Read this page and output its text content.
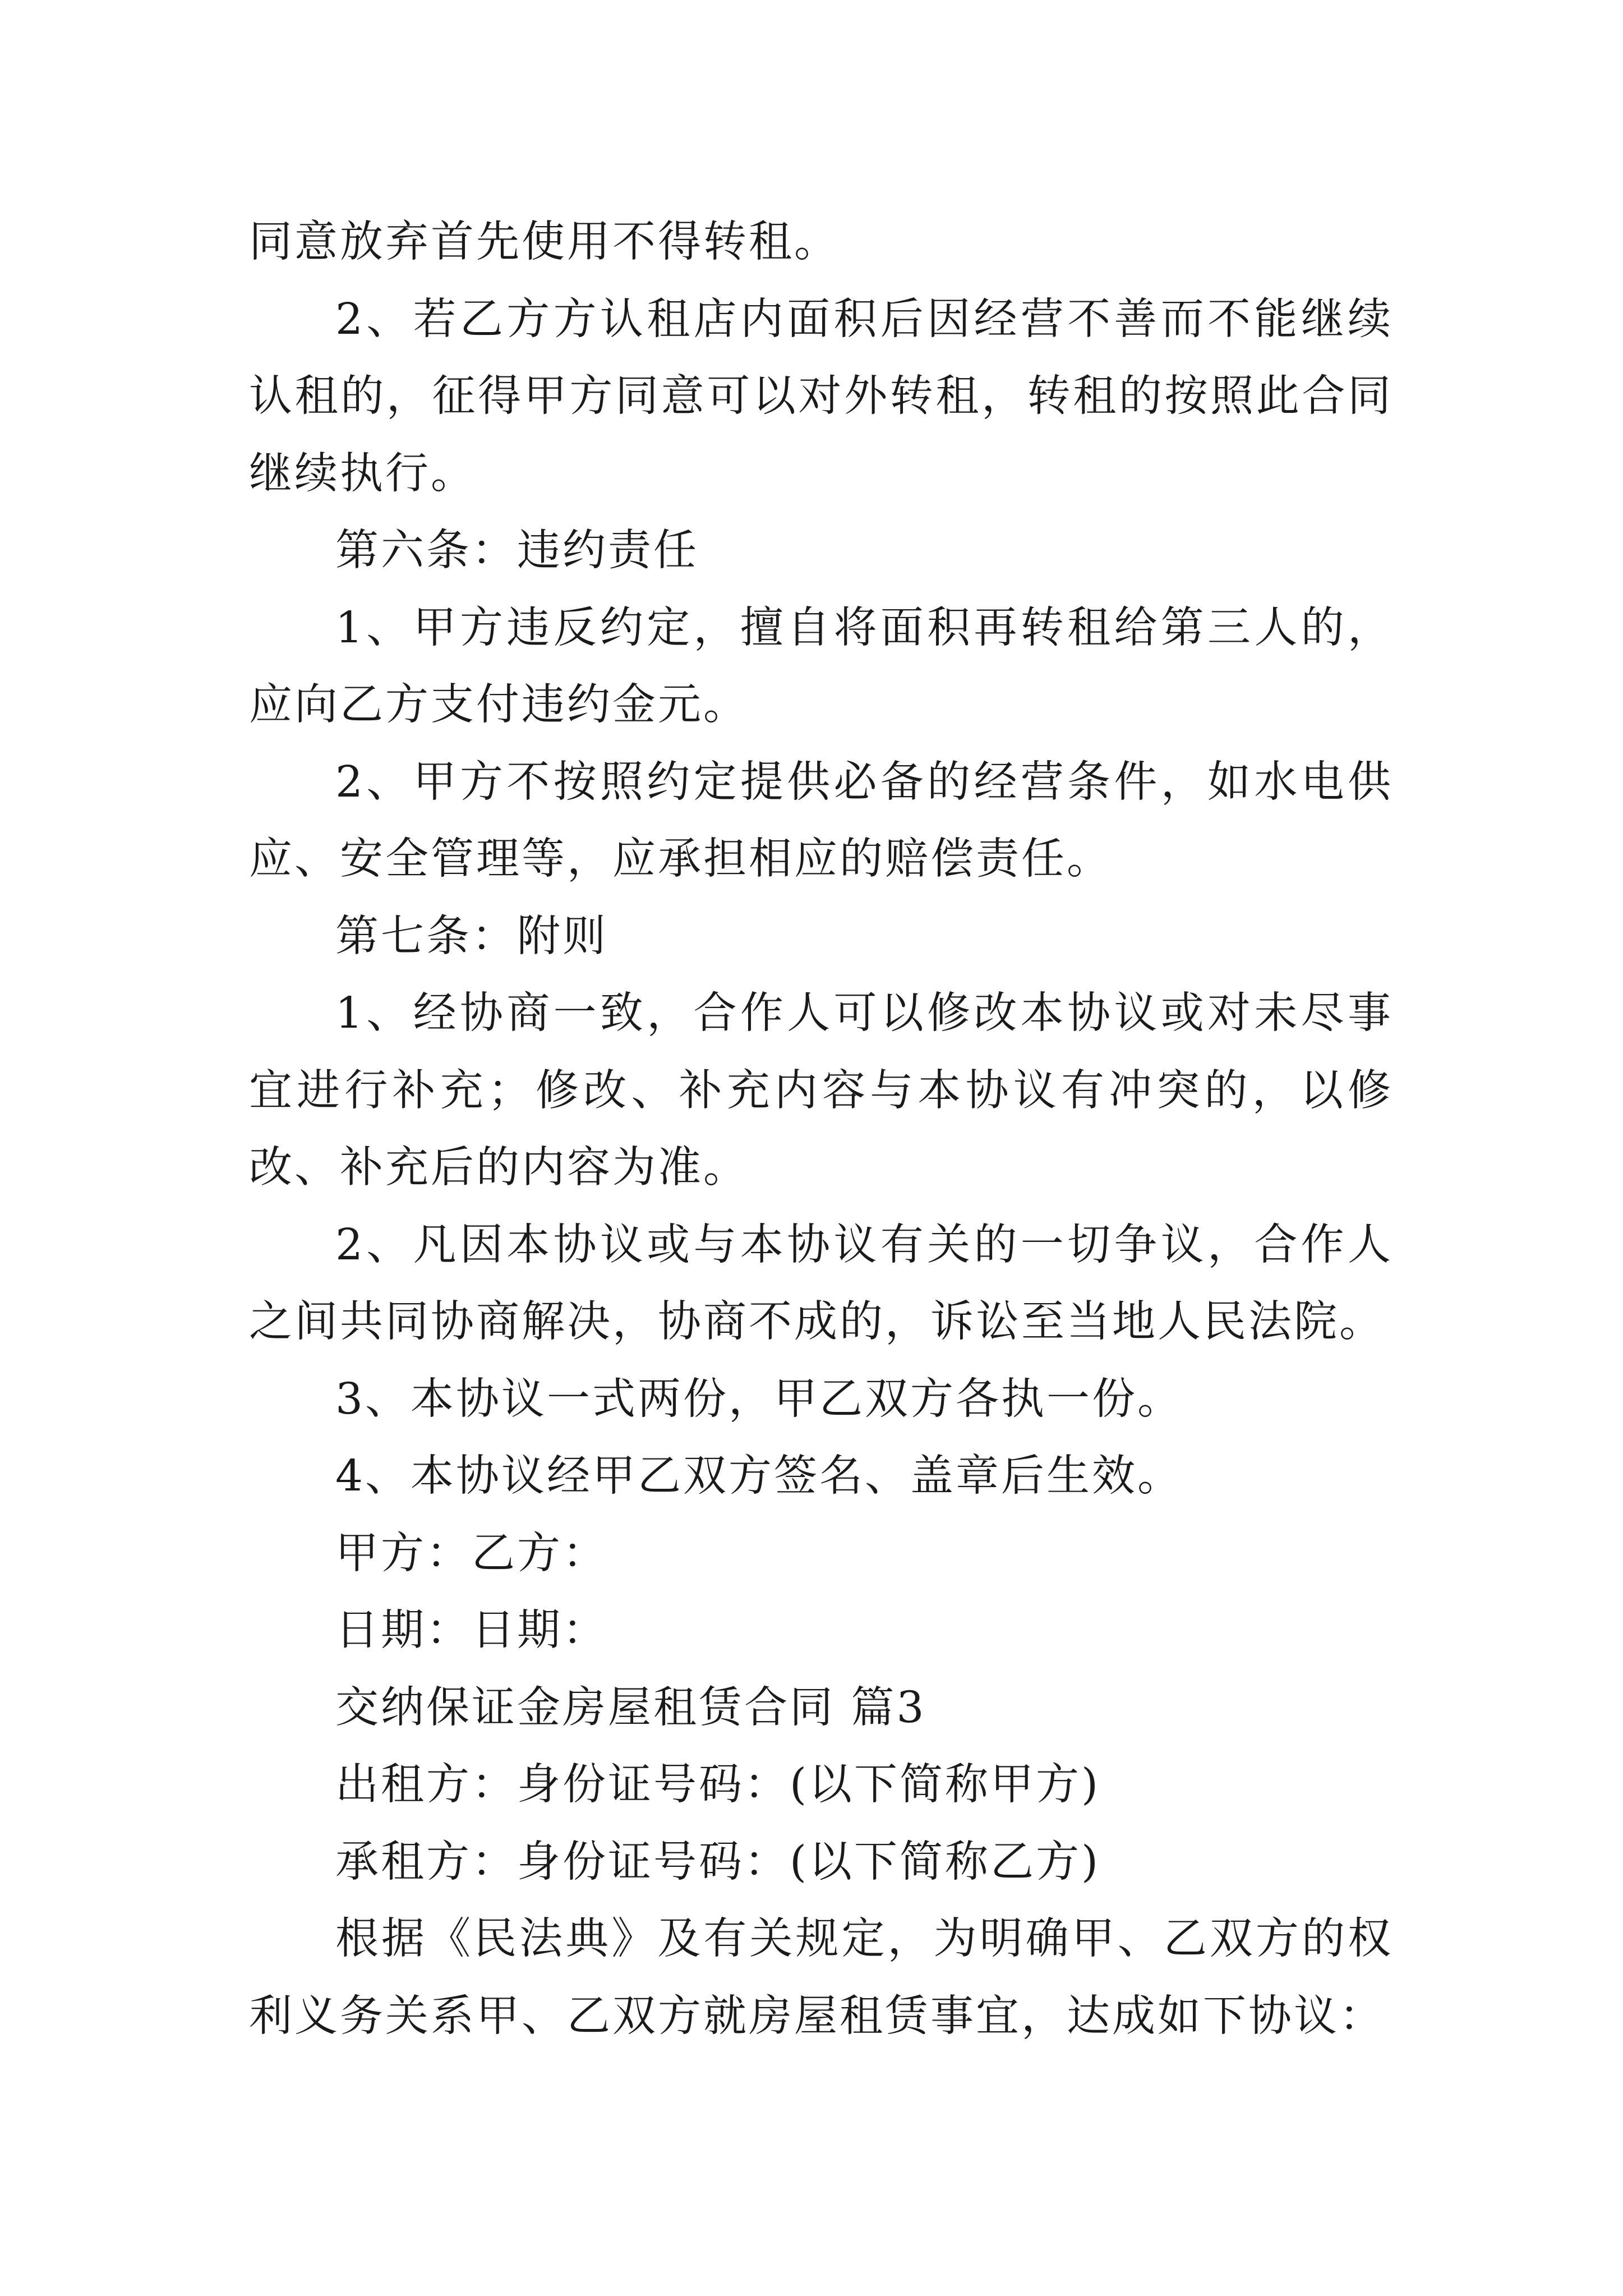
同意放弃首先使用不得转租。

2、若乙方方认租店内面积后因经营不善而不能继续认租的，征得甲方同意可以对外转租，转租的按照此合同继续执行。

第六条：违约责任

1、甲方违反约定，擅自将面积再转租给第三人的，应向乙方支付违约金元。

2、甲方不按照约定提供必备的经营条件，如水电供应、安全管理等，应承担相应的赔偿责任。

第七条：附则

1、经协商一致，合作人可以修改本协议或对未尽事宜进行补充；修改、补充内容与本协议有冲突的，以修改、补充后的内容为准。

2、凡因本协议或与本协议有关的一切争议，合作人之间共同协商解决，协商不成的，诉讼至当地人民法院。

3、本协议一式两份，甲乙双方各执一份。

4、本协议经甲乙双方签名、盖章后生效。

甲方：乙方：

日期：日期：

交纳保证金房屋租赁合同 篇3

出租方：身份证号码：(以下简称甲方)

承租方：身份证号码：(以下简称乙方)

根据《民法典》及有关规定，为明确甲、乙双方的权利义务关系甲、乙双方就房屋租赁事宜，达成如下协议：
